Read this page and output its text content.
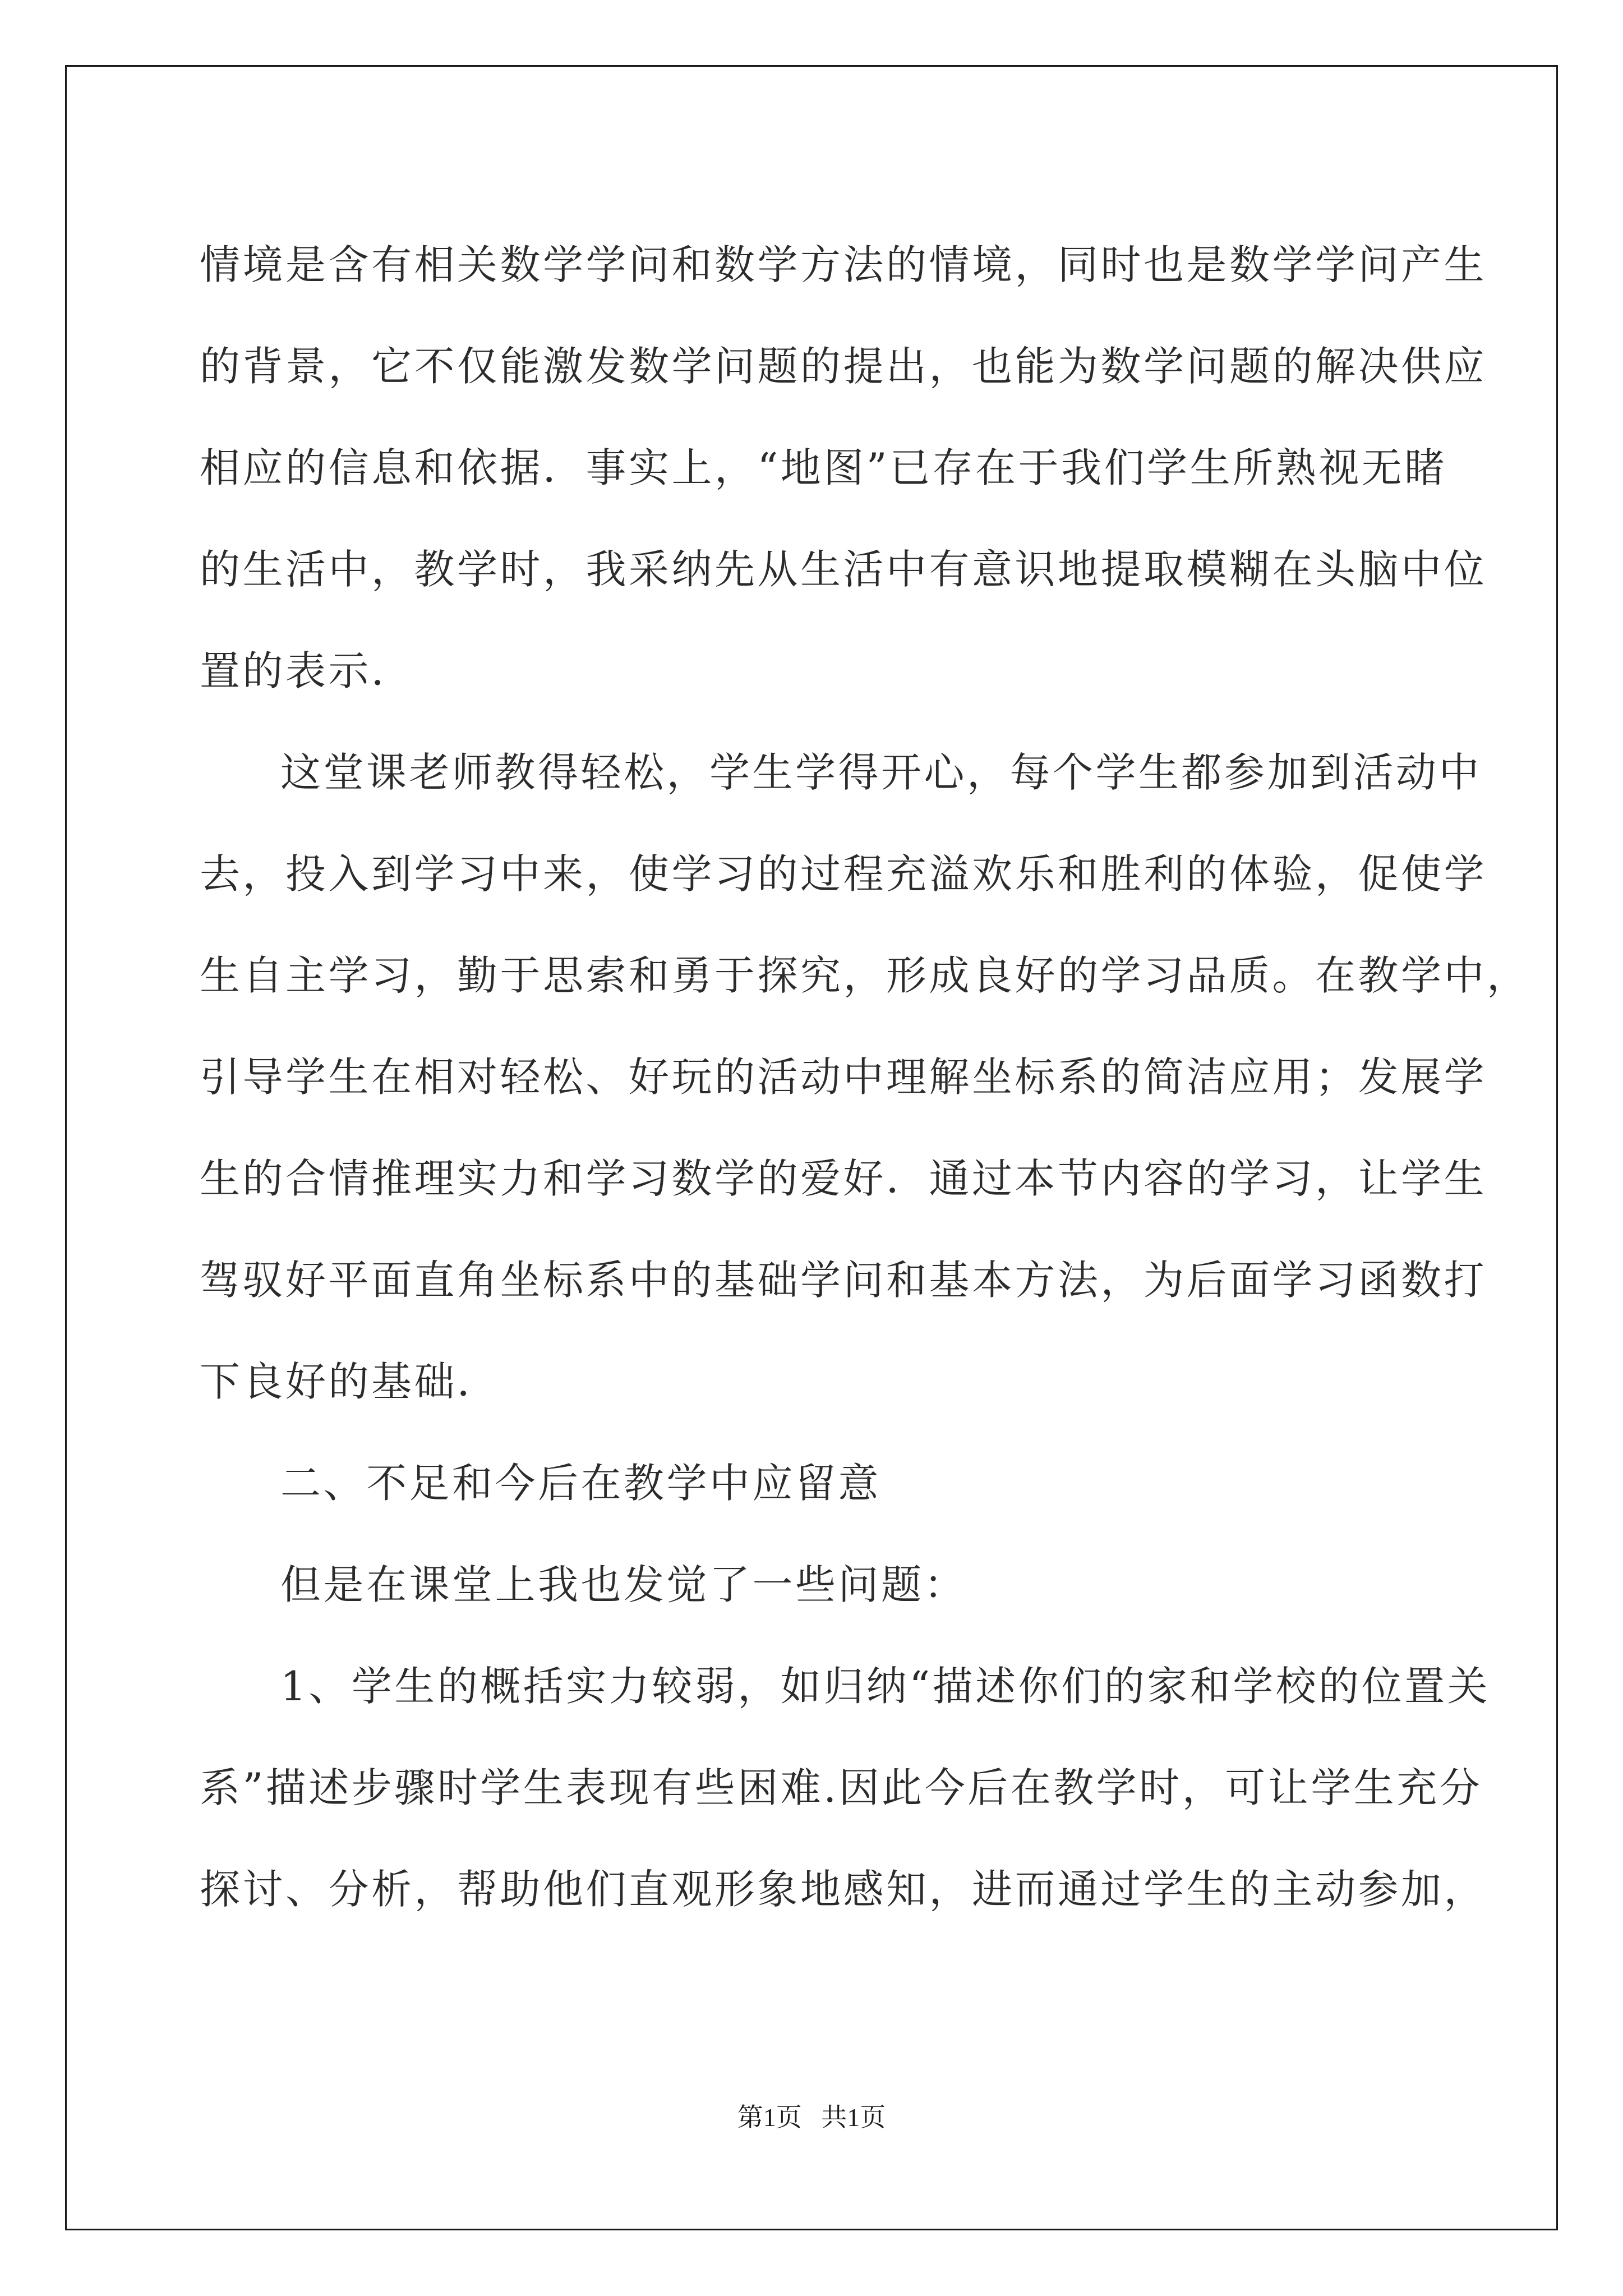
情境是含有相关数学学问和数学方法的情境，同时也是数学学问产生
的背景，它不仅能激发数学问题的提出，也能为数学问题的解决供应
相应的信息和依据．事实上，“地图”已存在于我们学生所熟视无睹
的生活中，教学时，我采纳先从生活中有意识地提取模糊在头脑中位
置的表示．

这堂课老师教得轻松，学生学得开心，每个学生都参加到活动中
去，投入到学习中来，使学习的过程充溢欢乐和胜利的体验，促使学
生自主学习，勤于思索和勇于探究，形成良好的学习品质。在教学中，
引导学生在相对轻松、好玩的活动中理解坐标系的简洁应用；发展学
生的合情推理实力和学习数学的爱好．通过本节内容的学习，让学生
驾驭好平面直角坐标系中的基础学问和基本方法，为后面学习函数打
下良好的基础．

二、不足和今后在教学中应留意

但是在课堂上我也发觉了一些问题：

1、学生的概括实力较弱，如归纳“描述你们的家和学校的位置关
系”描述步骤时学生表现有些困难.因此今后在教学时，可让学生充分
探讨、分析，帮助他们直观形象地感知，进而通过学生的主动参加，

第1页 共1页
